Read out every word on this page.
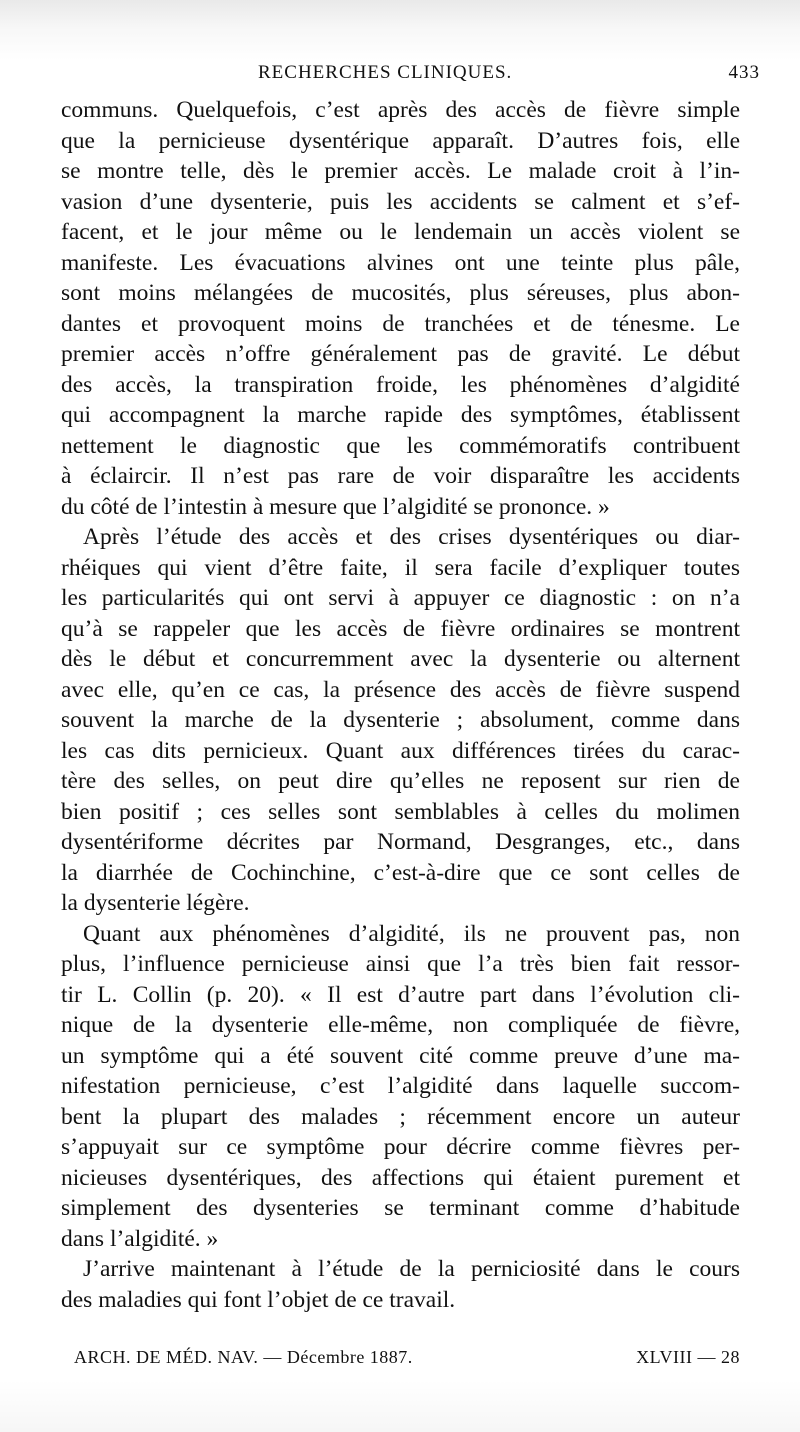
RECHERCHES CLINIQUES.	433
communs. Quelquefois, c’est après des accès de fièvre simple
que la pernicieuse dysentérique apparaît. D’autres fois, elle
se montre telle, dès le premier accès. Le malade croit à l’in-
vasion d’une dysenterie, puis les accidents se calment et s’ef-
facent, et le jour même ou le lendemain un accès violent se
manifeste. Les évacuations alvines ont une teinte plus pâle,
sont moins mélangées de mucosités, plus séreuses, plus abon-
dantes et provoquent moins de tranchées et de ténesme. Le
premier accès n’offre généralement pas de gravité. Le début
des accès, la transpiration froide, les phénomènes d’algidité
qui accompagnent la marche rapide des symptômes, établissent
nettement le diagnostic que les commémoratifs contribuent
à éclaircir. Il n’est pas rare de voir disparaître les accidents
du côté de l’intestin à mesure que l’algidité se prononce. »
Après l’étude des accès et des crises dysentériques ou diar-
rhéiques qui vient d’être faite, il sera facile d’expliquer toutes
les particularités qui ont servi à appuyer ce diagnostic : on n’a
qu’à se rappeler que les accès de fièvre ordinaires se montrent
dès le début et concurremment avec la dysenterie ou alternent
avec elle, qu’en ce cas, la présence des accès de fièvre suspend
souvent la marche de la dysenterie ; absolument, comme dans
les cas dits pernicieux. Quant aux différences tirées du carac-
tère des selles, on peut dire qu’elles ne reposent sur rien de
bien positif ; ces selles sont semblables à celles du molimen
dysentériforme décrites par Normand, Desgranges, etc., dans
la diarrhée de Cochinchine, c’est-à-dire que ce sont celles de
la dysenterie légère.
Quant aux phénomènes d’algidité, ils ne prouvent pas, non
plus, l’influence pernicieuse ainsi que l’a très bien fait ressor-
tir L. Collin (p. 20). « Il est d’autre part dans l’évolution cli-
nique de la dysenterie elle-même, non compliquée de fièvre,
un symptôme qui a été souvent cité comme preuve d’une ma-
nifestation pernicieuse, c’est l’algidité dans laquelle succom-
bent la plupart des malades ; récemment encore un auteur
s’appuyait sur ce symptôme pour décrire comme fièvres per-
nicieuses dysentériques, des affections qui étaient purement et
simplement des dysenteries se terminant comme d’habitude
dans l’algidité. »
J’arrive maintenant à l’étude de la perniciosité dans le cours
des maladies qui font l’objet de ce travail.
ARCH. DE MÉD. NAV. — Décembre 1887.	XLVIII — 28
